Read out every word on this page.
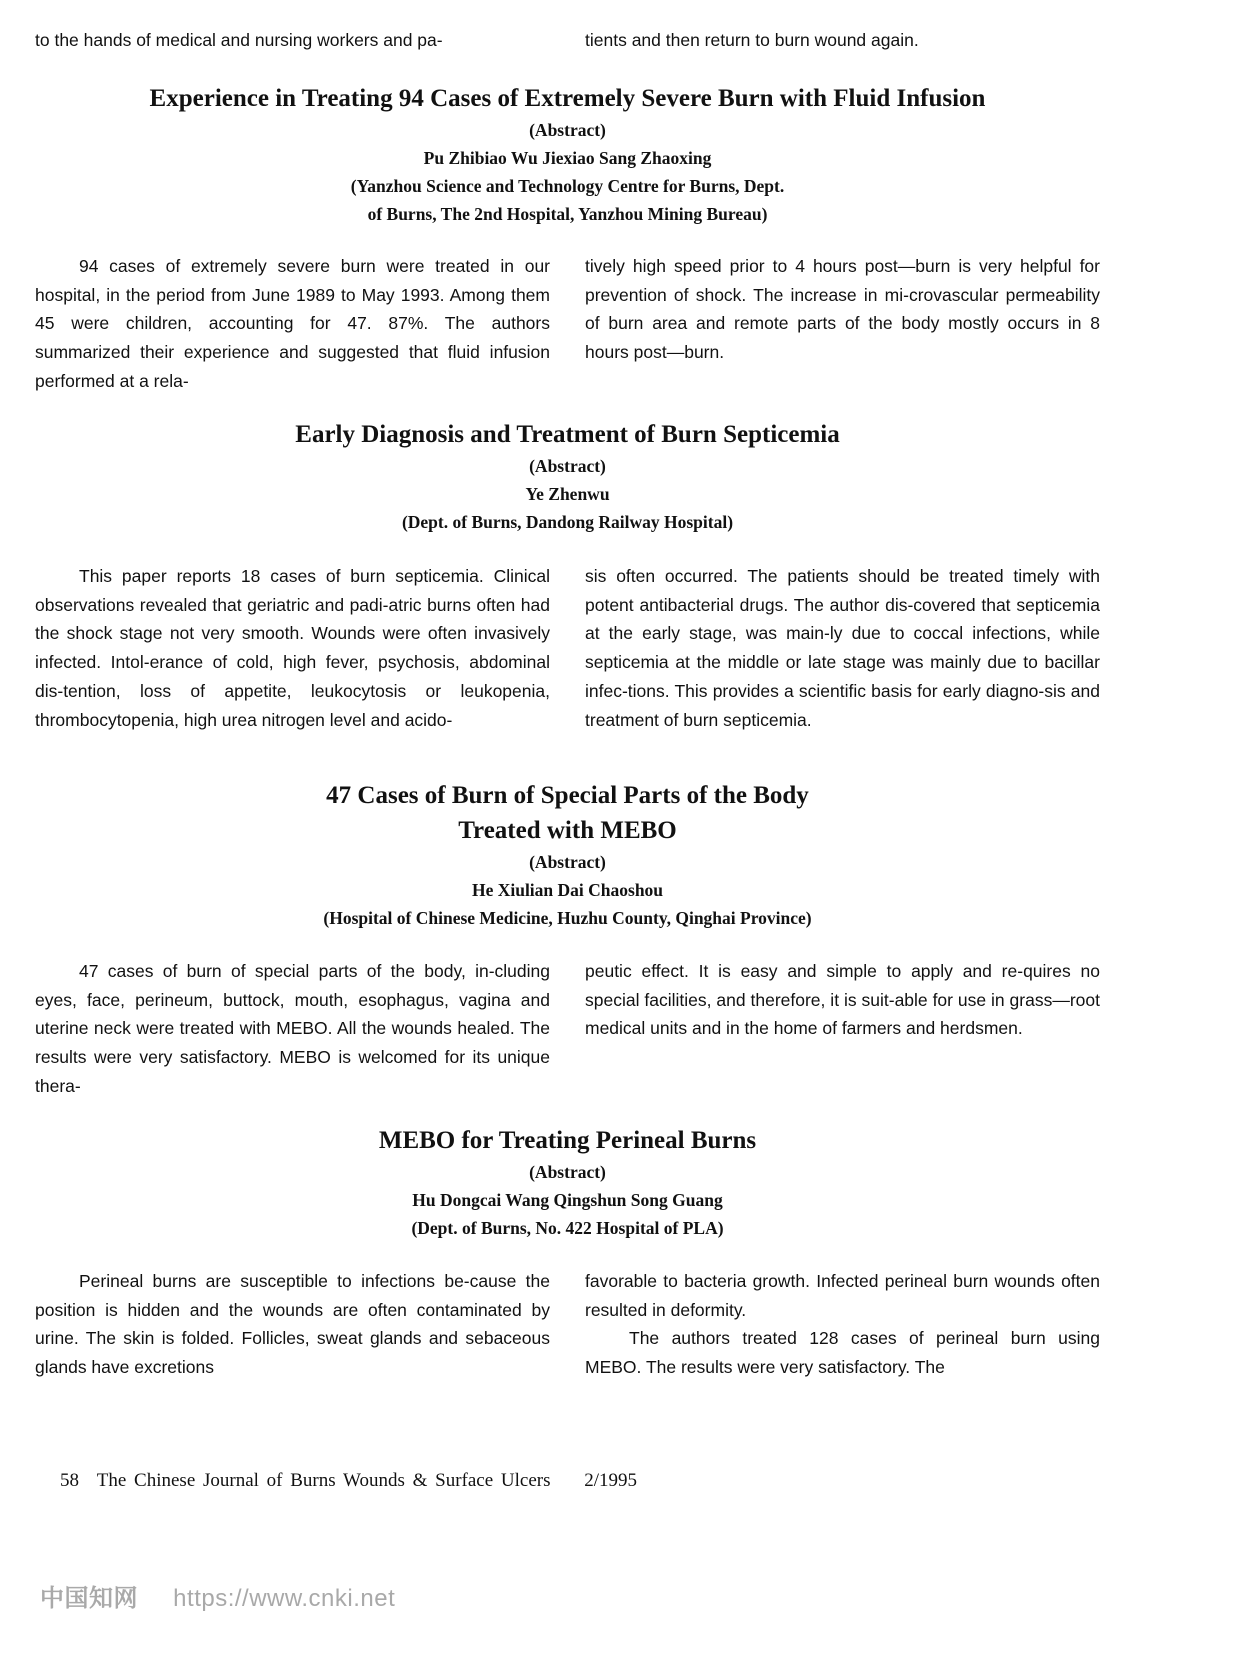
to the hands of medical and nursing workers and pa-	tients and then return to burn wound again.
Experience in Treating 94 Cases of Extremely Severe Burn with Fluid Infusion
(Abstract)
Pu Zhibiao Wu Jiexiao Sang Zhaoxing
(Yanzhou Science and Technology Centre for Burns, Dept.
of Burns, The 2nd Hospital, Yanzhou Mining Bureau)

94 cases of extremely severe burn were treated in our hospital, in the period from June 1989 to May 1993. Among them 45 were children, accounting for 47. 87%. The authors summarized their experience and suggested that fluid infusion performed at a rela-

tively high speed prior to 4 hours post—burn is very helpful for prevention of shock. The increase in mi-crovascular permeability of burn area and remote parts of the body mostly occurs in 8 hours post—burn.

Early Diagnosis and Treatment of Burn Septicemia
(Abstract)
Ye Zhenwu
(Dept. of Burns, Dandong Railway Hospital)

This paper reports 18 cases of burn septicemia. Clinical observations revealed that geriatric and padi-atric burns often had the shock stage not very smooth. Wounds were often invasively infected. Intol-erance of cold, high fever, psychosis, abdominal dis-tention, loss of appetite, leukocytosis or leukopenia, thrombocytopenia, high urea nitrogen level and acido-

sis often occurred. The patients should be treated timely with potent antibacterial drugs. The author dis-covered that septicemia at the early stage, was main-ly due to coccal infections, while septicemia at the middle or late stage was mainly due to bacillar infec-tions. This provides a scientific basis for early diagno-sis and treatment of burn septicemia.

47 Cases of Burn of Special Parts of the Body
Treated with MEBO
(Abstract)
He Xiulian Dai Chaoshou
(Hospital of Chinese Medicine, Huzhu County, Qinghai Province)

47 cases of burn of special parts of the body, in-cluding eyes, face, perineum, buttock, mouth, esophagus, vagina and uterine neck were treated with MEBO. All the wounds healed. The results were very satisfactory. MEBO is welcomed for its unique thera-

peutic effect. It is easy and simple to apply and re-quires no special facilities, and therefore, it is suit-able for use in grass—root medical units and in the home of farmers and herdsmen.

MEBO for Treating Perineal Burns
(Abstract)
Hu Dongcai Wang Qingshun Song Guang
(Dept. of Burns, No. 422 Hospital of PLA)

Perineal burns are susceptible to infections be-cause the position is hidden and the wounds are often contaminated by urine. The skin is folded. Follicles, sweat glands and sebaceous glands have excretions

favorable to bacteria growth. Infected perineal burn wounds often resulted in deformity.

The authors treated 128 cases of perineal burn using MEBO. The results were very satisfactory. The

58 The Chinese Journal of Burns Wounds & Surface Ulcers 2/1995
中国知网 https://www.cnki.net
